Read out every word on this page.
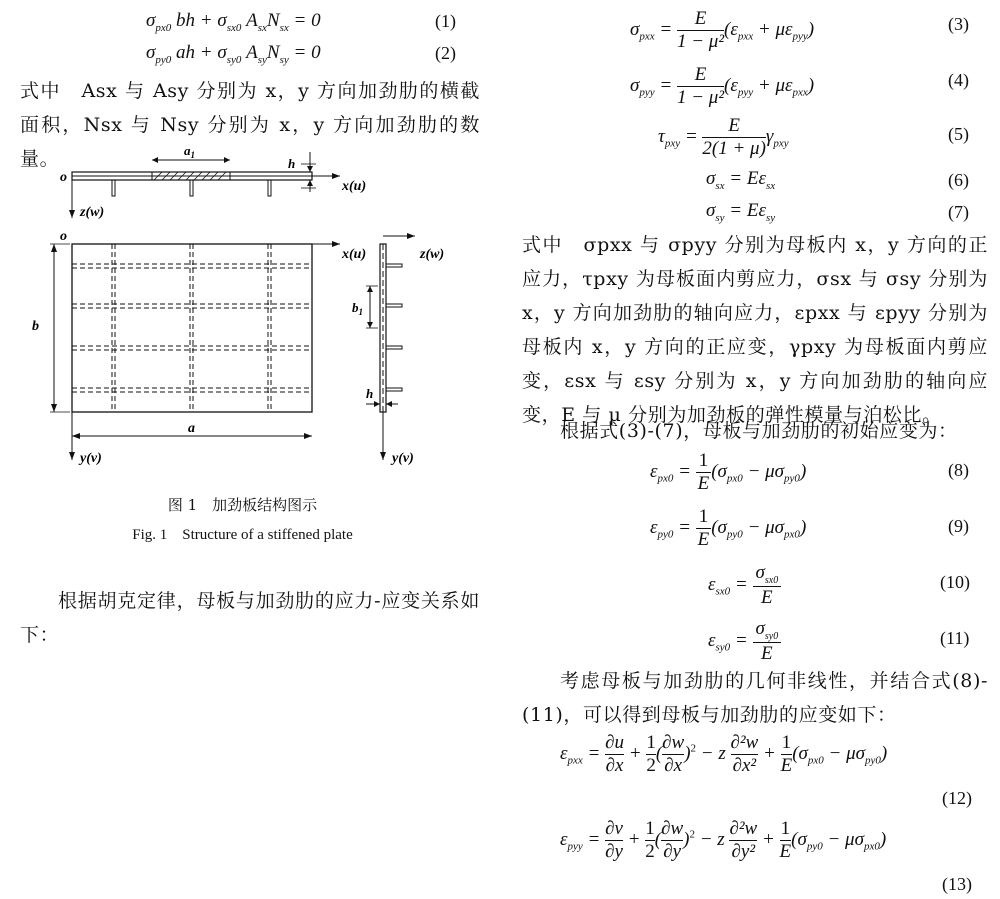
$\sigma_{px0}$ bh + $\sigma_{sx0}$ $A_{sx}N_{sx} = 0$	(1)
$\sigma_{py0}$ ah + $\sigma_{sy0}$ $A_{sy}N_{sy} = 0$	(2)
式中　Asx 与 Asy 分别为 x，y 方向加劲肋的横截面积，Nsx 与 Nsy 分别为 x，y 方向加劲肋的数量。
o
$a_1$
h
x(u)
z(w)
o
x(u)
y(v)
b
a
z(w)
y(v)
$b_1$
h
图 1　加劲板结构图示
Fig. 1　Structure of a stiffened plate
根据胡克定律，母板与加劲肋的应力-应变关系如下：
$\sigma_{pxx} = \frac{E}{\text{1 − μ²}} (\varepsilon_{pxx} + \mu\varepsilon_{pyy})$	(3)
$\sigma_{pyy} = \frac{E}{\text{1 − μ²}} (\varepsilon_{pyy} + \mu\varepsilon_{pxx})$	(4)
$\tau_{pxy} = \frac{E}{2(1 + \mu)} \gamma_{pxy}$	(5)
$\sigma_{sx} = E\varepsilon_{sx}$	(6)
$\sigma_{sy} = E\varepsilon_{sy}$	(7)
式中　σpxx 与 σpyy 分别为母板内 x，y 方向的正应力，τpxy 为母板面内剪应力，σsx 与 σsy 分别为 x，y 方向加劲肋的轴向应力，εpxx 与 εpyy 分别为母板内 x，y 方向的正应变，γpxy 为母板面内剪应变，εsx 与 εsy 分别为 x，y 方向加劲肋的轴向应变，E 与 μ 分别为加劲板的弹性模量与泊松比。
根据式(3)-(7)，母板与加劲肋的初始应变为：
$\varepsilon_{px0} = \frac{1}{E} (\sigma_{px0} - \mu\sigma_{py0})$	(8)
$\varepsilon_{py0} = \frac{1}{E} (\sigma_{py0} - \mu\sigma_{px0})$	(9)
$\varepsilon_{sx0}$ =
$\sigma_{sx0}$
E
(10)
$\varepsilon_{sy0}$ =
$\sigma_{sy0}$
E
(11)
考虑母板与加劲肋的几何非线性，并结合式(8)-(11)，可以得到母板与加劲肋的应变如下：
$\varepsilon_{pxx} = \frac{\partial u}{\partial x} + \frac{1}{2}$ ( $\frac{\partial w}{\partial x} )^2 - z \frac{\text{∂²w}}{\text{∂x²}} + \frac{1}{E} (\sigma_{px0} - \mu\sigma_{py0})$
(12)
$\varepsilon_{pyy} = \frac{\partial v}{\partial y} + \frac{1}{2}$ ( $\frac{\partial w}{\partial y} )^2 - z \frac{\text{∂²w}}{\text{∂y²}} + \frac{1}{E} (\sigma_{py0} - \mu\sigma_{px0})$
(13)
